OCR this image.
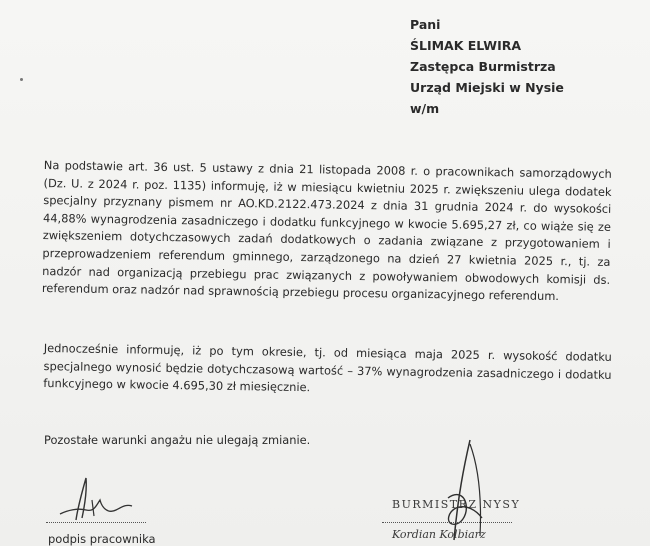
Pani
ŚLIMAK ELWIRA
Zastępca Burmistrza
Urząd Miejski w Nysie
w/m
Na podstawie art. 36 ust. 5 ustawy z dnia 21 listopada 2008 r. o pracownikach samorządowych (Dz. U. z 2024 r. poz. 1135) informuję, iż w miesiącu kwietniu 2025 r. zwiększeniu ulega dodatek specjalny przyznany pismem nr AO.KD.2122.473.2024 z dnia 31 grudnia 2024 r. do wysokości 44,88% wynagrodzenia zasadniczego i dodatku funkcyjnego w kwocie 5.695,27 zł, co wiąże się ze zwiększeniem dotychczasowych zadań dodatkowych o zadania związane z przygotowaniem i przeprowadzeniem referendum gminnego, zarządzonego na dzień 27 kwietnia 2025 r., tj. za nadzór nad organizacją przebiegu prac związanych z powoływaniem obwodowych komisji ds. referendum oraz nadzór nad sprawnością przebiegu procesu organizacyjnego referendum.
Jednocześnie informuję, iż po tym okresie, tj. od miesiąca maja 2025 r. wysokość dodatku specjalnego wynosić będzie dotychczasową wartość – 37% wynagrodzenia zasadniczego i dodatku funkcyjnego w kwocie 4.695,30 zł miesięcznie.
Pozostałe warunki angażu nie ulegają zmianie.
podpis pracownika
BURMISTRZ NYSY
Kordian Kolbiarz
